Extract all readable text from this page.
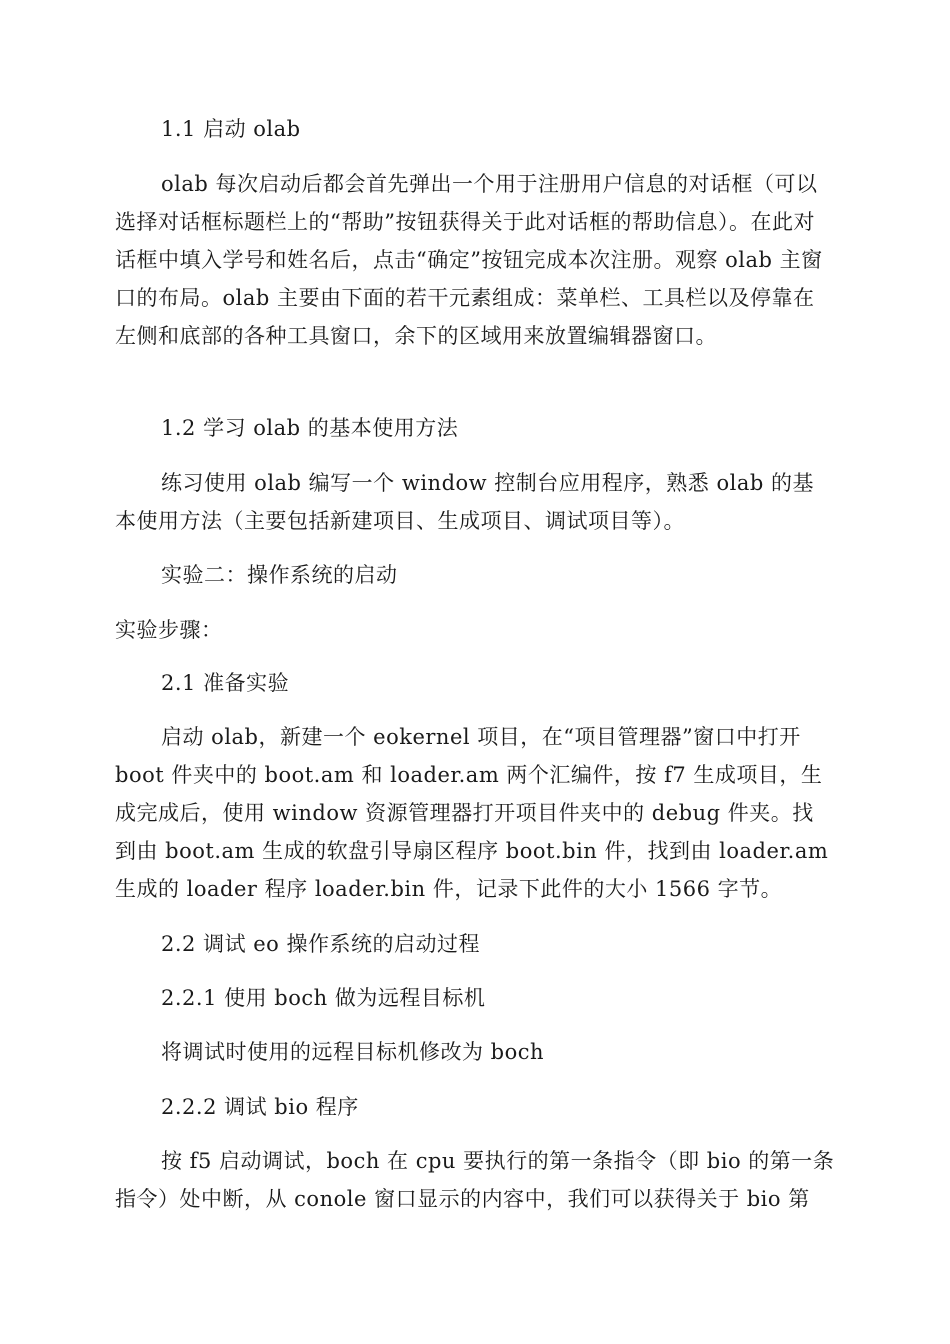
1.1 启动 olab

olab 每次启动后都会首先弹出一个用于注册用户信息的对话框（可以选择对话框标题栏上的“帮助”按钮获得关于此对话框的帮助信息）。在此对话框中填入学号和姓名后，点击“确定”按钮完成本次注册。观察 olab 主窗口的布局。olab 主要由下面的若干元素组成：菜单栏、工具栏以及停靠在左侧和底部的各种工具窗口，余下的区域用来放置编辑器窗口。

1.2 学习 olab 的基本使用方法

练习使用 olab 编写一个 window 控制台应用程序，熟悉 olab 的基本使用方法（主要包括新建项目、生成项目、调试项目等）。

实验二：操作系统的启动

实验步骤：

2.1 准备实验

启动 olab，新建一个 eokernel 项目，在“项目管理器”窗口中打开 boot 件夹中的 boot.am 和 loader.am 两个汇编件，按 f7 生成项目，生成完成后，使用 window 资源管理器打开项目件夹中的 debug 件夹。找到由 boot.am 生成的软盘引导扇区程序 boot.bin 件，找到由 loader.am 生成的 loader 程序 loader.bin 件，记录下此件的大小 1566 字节。

2.2 调试 eo 操作系统的启动过程

2.2.1 使用 boch 做为远程目标机

将调试时使用的远程目标机修改为 boch

2.2.2 调试 bio 程序

按 f5 启动调试，boch 在 cpu 要执行的第一条指令（即 bio 的第一条指令）处中断，从 conole 窗口显示的内容中，我们可以获得关于 bio 第
